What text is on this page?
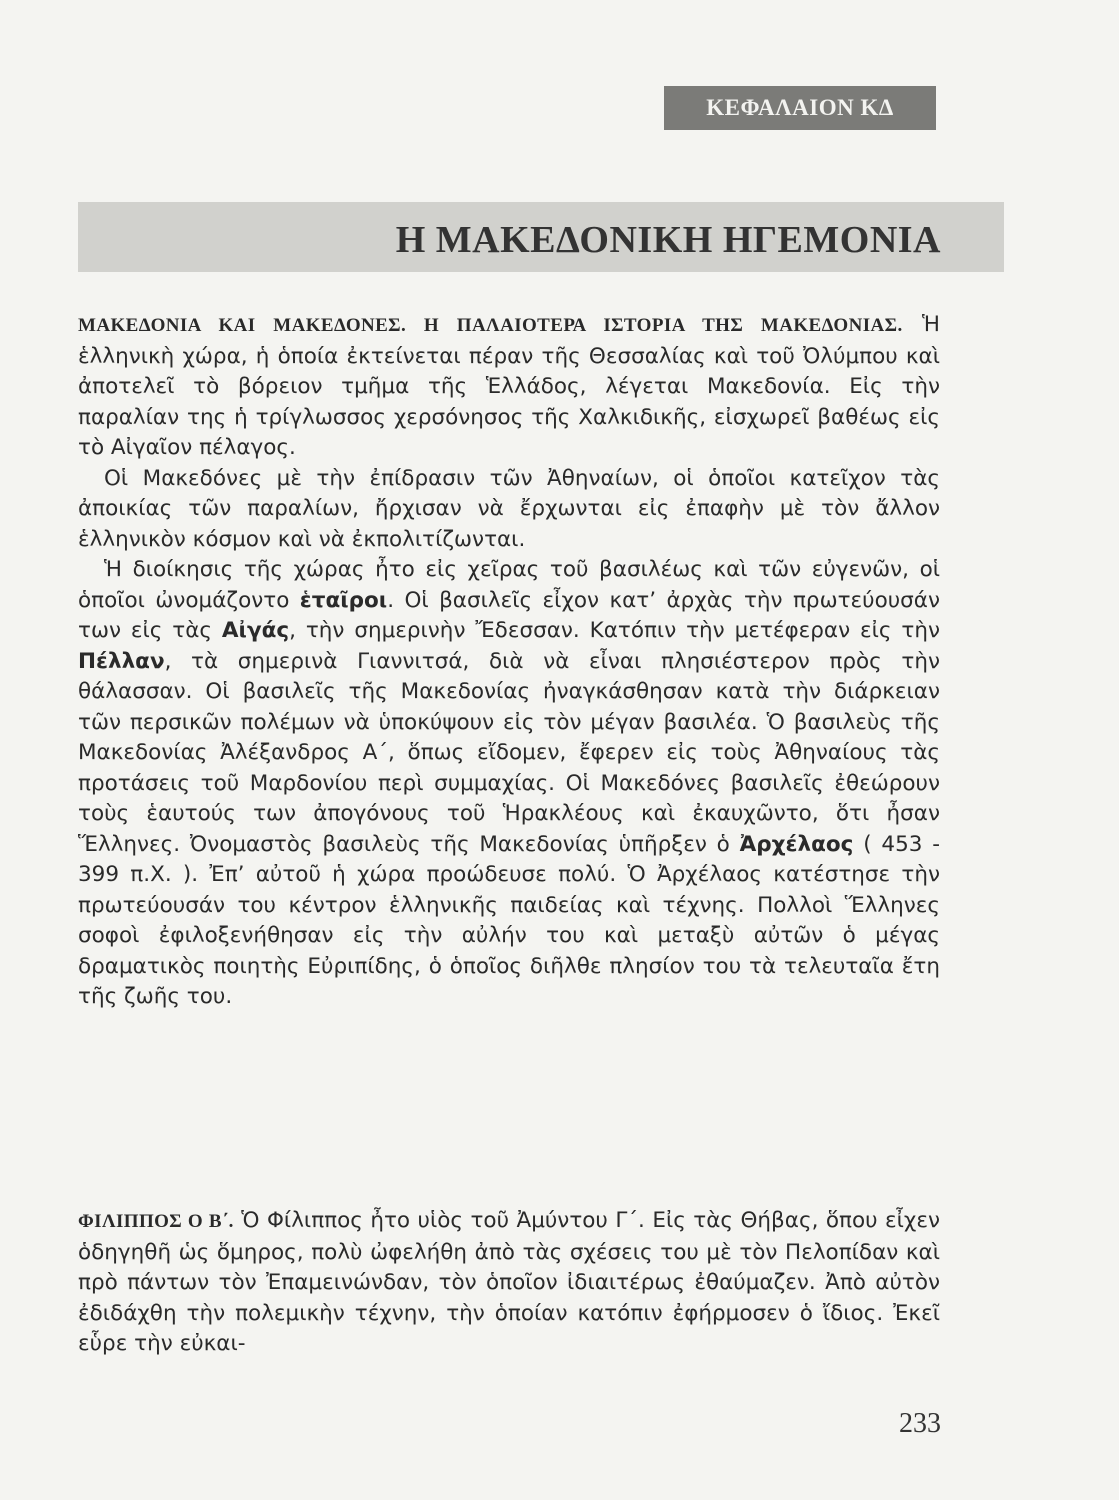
ΚΕΦΑΛΑΙΟΝ ΚΔ
Η ΜΑΚΕΔΟΝΙΚΗ ΗΓΕΜΟΝΙΑ

ΜΑΚΕΔΟΝΙΑ ΚΑΙ ΜΑΚΕΔΟΝΕΣ. Η ΠΑΛΑΙΟΤΕΡΑ ΙΣΤΟΡΙΑ ΤΗΣ ΜΑΚΕΔΟΝΙΑΣ. Ἡ ἑλληνικὴ χώρα, ἡ ὁποία ἐκτείνεται πέραν τῆς Θεσσαλίας καὶ τοῦ Ὀλύμπου καὶ ἀποτελεῖ τὸ βόρειον τμῆμα τῆς Ἑλλάδος, λέγεται Μακεδονία. Εἰς τὴν παραλίαν της ἡ τρίγλωσσος χερσόνησος τῆς Χαλκιδικῆς, εἰσχωρεῖ βαθέως εἰς τὸ Αἰγαῖον πέλαγος.

Οἱ Μακεδόνες μὲ τὴν ἐπίδρασιν τῶν Ἀθηναίων, οἱ ὁποῖοι κατεῖχον τὰς ἀποικίας τῶν παραλίων, ἤρχισαν νὰ ἔρχωνται εἰς ἐπαφὴν μὲ τὸν ἄλλον ἑλληνικὸν κόσμον καὶ νὰ ἐκπολιτίζωνται.

Ἡ διοίκησις τῆς χώρας ἦτο εἰς χεῖρας τοῦ βασιλέως καὶ τῶν εὐγενῶν, οἱ ὁποῖοι ὠνομάζοντο ἑταῖροι. Οἱ βασιλεῖς εἶχον κατ’ ἀρχὰς τὴν πρωτεύουσάν των εἰς τὰς Αἰγάς, τὴν σημερινὴν Ἔδεσσαν. Κατόπιν τὴν μετέφεραν εἰς τὴν Πέλλαν, τὰ σημερινὰ Γιαννιτσά, διὰ νὰ εἶναι πλησιέστερον πρὸς τὴν θάλασσαν. Οἱ βασιλεῖς τῆς Μακεδονίας ἠναγκάσθησαν κατὰ τὴν διάρκειαν τῶν περσικῶν πολέμων νὰ ὑποκύψουν εἰς τὸν μέγαν βασιλέα. Ὁ βασιλεὺς τῆς Μακεδονίας Ἀλέξανδρος Α΄, ὅπως εἴδομεν, ἔφερεν εἰς τοὺς Ἀθηναίους τὰς προτάσεις τοῦ Μαρδονίου περὶ συμμαχίας. Οἱ Μακεδόνες βασιλεῖς ἐθεώρουν τοὺς ἑαυτούς των ἀπογόνους τοῦ Ἡρακλέους καὶ ἐκαυχῶντο, ὅτι ἦσαν Ἕλληνες. Ὀνομαστὸς βασιλεὺς τῆς Μακεδονίας ὑπῆρξεν ὁ Ἀρχέλαος ( 453 - 399 π.Χ. ). Ἐπ’ αὐτοῦ ἡ χώρα προώδευσε πολύ. Ὁ Ἀρχέλαος κατέστησε τὴν πρωτεύουσάν του κέντρον ἑλληνικῆς παιδείας καὶ τέχνης. Πολλοὶ Ἕλληνες σοφοὶ ἐφιλοξενήθησαν εἰς τὴν αὐλήν του καὶ μεταξὺ αὐτῶν ὁ μέγας δραματικὸς ποιητὴς Εὐριπίδης, ὁ ὁποῖος διῆλθε πλησίον του τὰ τελευταῖα ἔτη τῆς ζωῆς του.

ΦΙΛΙΠΠΟΣ Ο Β΄. Ὁ Φίλιππος ἦτο υἱὸς τοῦ Ἀμύντου Γ΄. Εἰς τὰς Θήβας, ὅπου εἶχεν ὁδηγηθῆ ὡς ὅμηρος, πολὺ ὠφελήθη ἀπὸ τὰς σχέσεις του μὲ τὸν Πελοπίδαν καὶ πρὸ πάντων τὸν Ἐπαμεινώνδαν, τὸν ὁποῖον ἰδιαιτέρως ἐθαύμαζεν. Ἀπὸ αὐτὸν ἐδιδάχθη τὴν πολεμικὴν τέχνην, τὴν ὁποίαν κατόπιν ἐφήρμοσεν ὁ ἴδιος. Ἐκεῖ εὗρε τὴν εὐκαι-

233
